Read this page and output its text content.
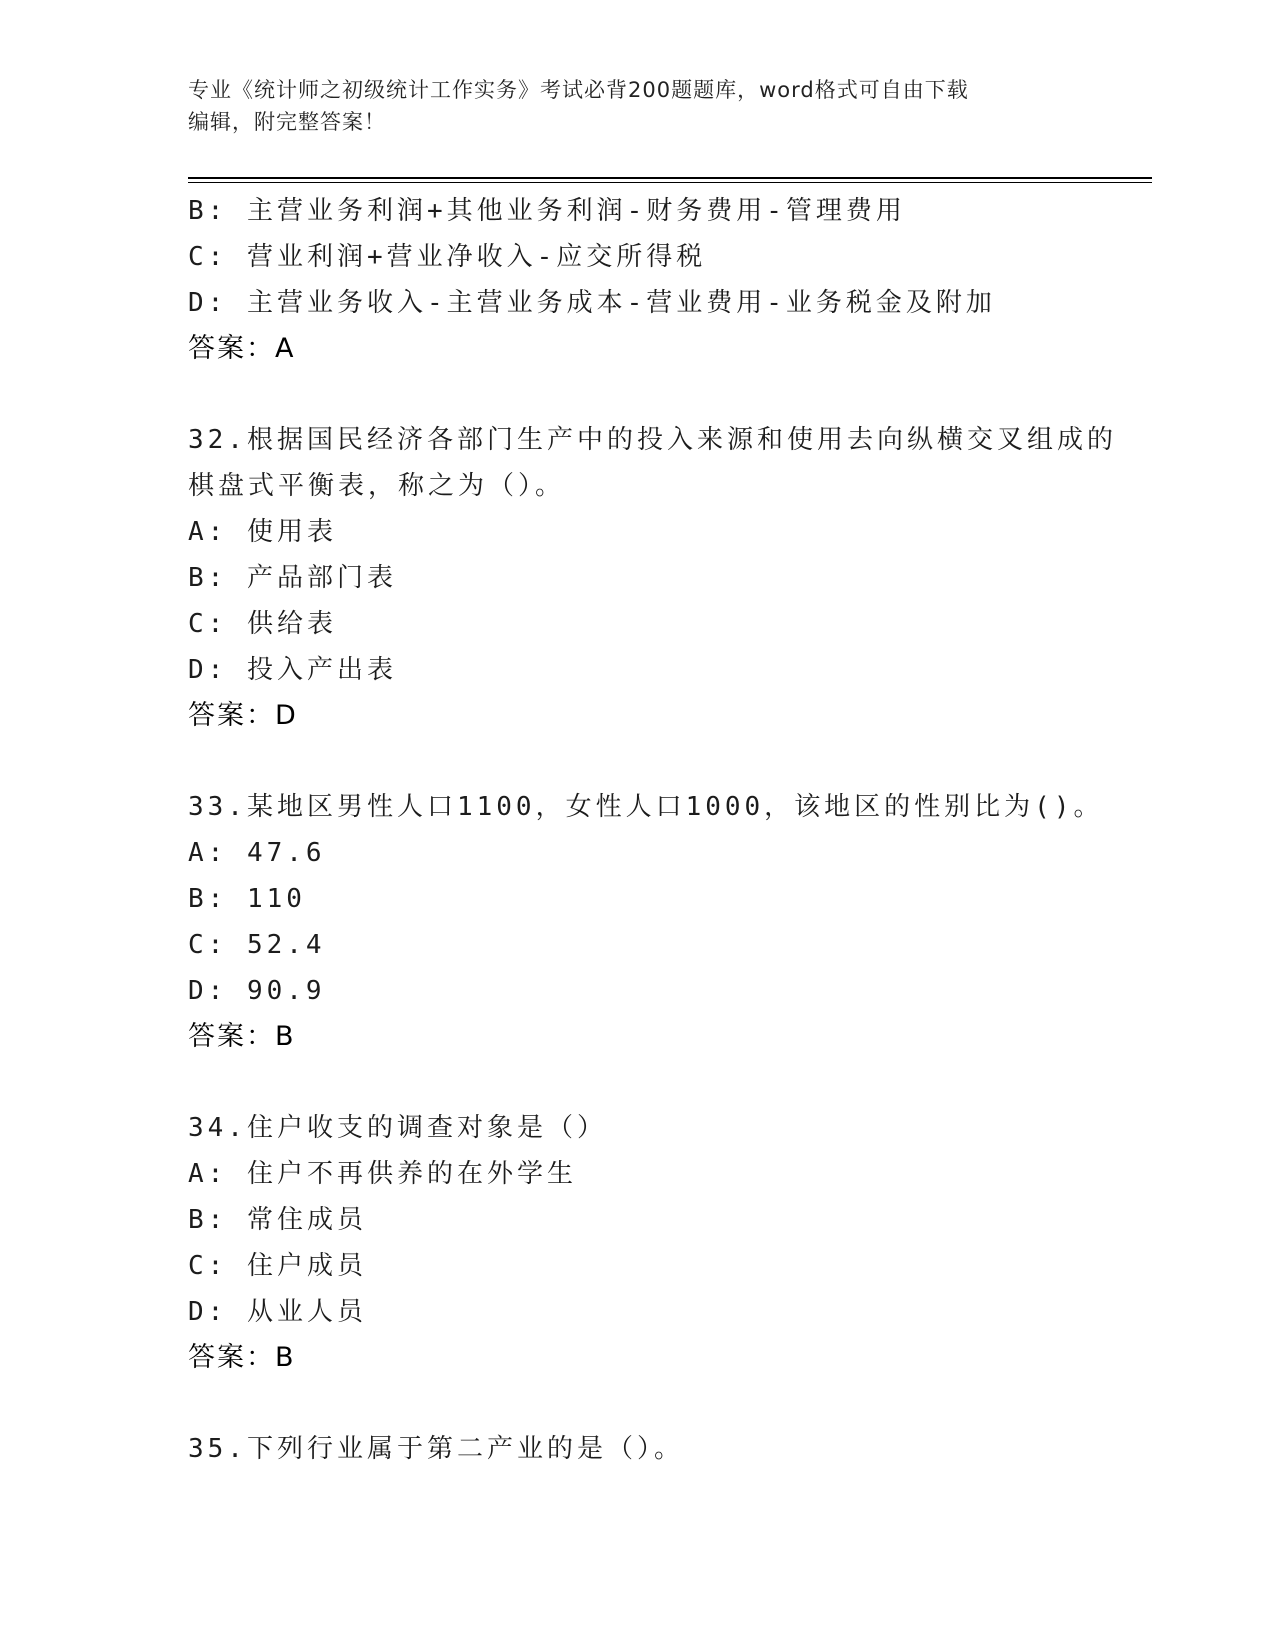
专业《统计师之初级统计工作实务》考试必背200题题库，word格式可自由下载
编辑，附完整答案！
B: 主营业务利润+其他业务利润-财务费用-管理费用
C: 营业利润+营业净收入-应交所得税
D: 主营业务收入-主营业务成本-营业费用-业务税金及附加
答案：A
32.根据国民经济各部门生产中的投入来源和使用去向纵横交叉组成的
棋盘式平衡表，称之为（）。
A: 使用表
B: 产品部门表
C: 供给表
D: 投入产出表
答案：D
33.某地区男性人口1100，女性人口1000，该地区的性别比为()。
A: 47.6
B: 110
C: 52.4
D: 90.9
答案：B
34.住户收支的调查对象是（）
A: 住户不再供养的在外学生
B: 常住成员
C: 住户成员
D: 从业人员
答案：B
35.下列行业属于第二产业的是（）。
